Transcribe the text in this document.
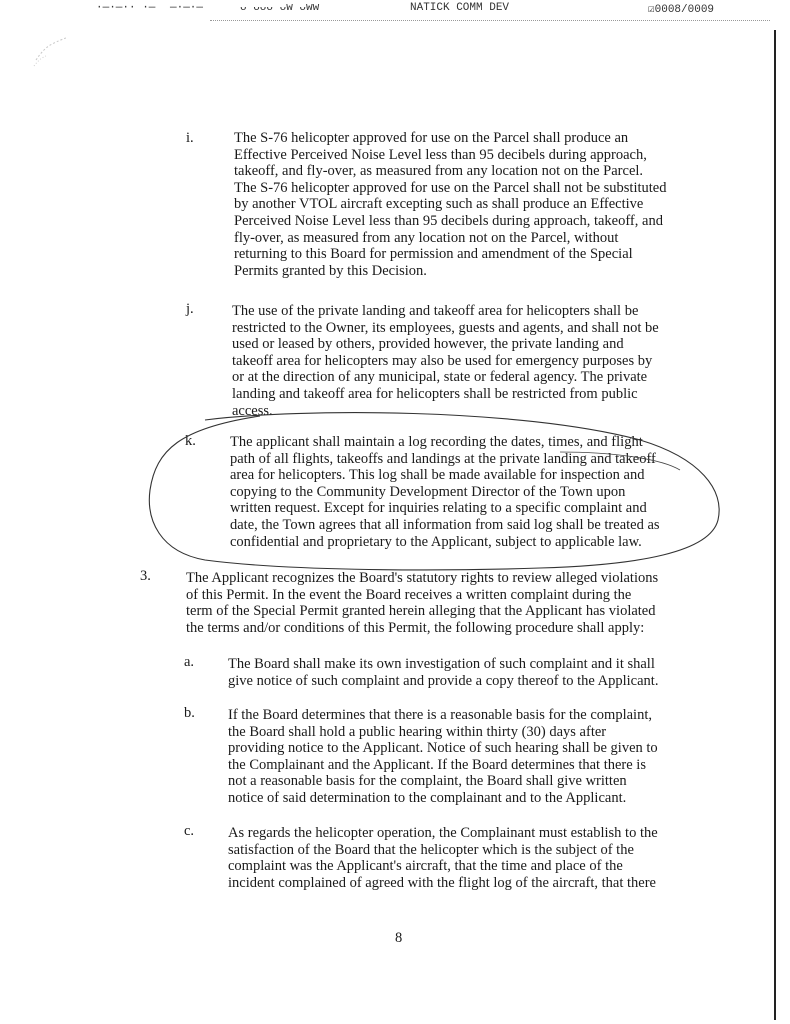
·—·—·· ·— —·—·—	ᴗ ᴗᴗᴗ ᴗᴡ ᴗᴡᴡ	NATICK COMM DEV	☑0008/0009
i.	The S-76 helicopter approved for use on the Parcel shall produce an
Effective Perceived Noise Level less than 95 decibels during approach,
takeoff, and fly-over, as measured from any location not on the Parcel.
The S-76 helicopter approved for use on the Parcel shall not be substituted
by another VTOL aircraft excepting such as shall produce an Effective
Perceived Noise Level less than 95 decibels during approach, takeoff, and
fly-over, as measured from any location not on the Parcel, without
returning to this Board for permission and amendment of the Special
Permits granted by this Decision.
j.	The use of the private landing and takeoff area for helicopters shall be
restricted to the Owner, its employees, guests and agents, and shall not be
used or leased by others, provided however, the private landing and
takeoff area for helicopters may also be used for emergency purposes by
or at the direction of any municipal, state or federal agency. The private
landing and takeoff area for helicopters shall be restricted from public
access.
k. The applicant shall maintain a log recording the dates, times, and flight
path of all flights, takeoffs and landings at the private landing and takeoff
area for helicopters. This log shall be made available for inspection and
copying to the Community Development Director of the Town upon
written request. Except for inquiries relating to a specific complaint and
date, the Town agrees that all information from said log shall be treated as
confidential and proprietary to the Applicant, subject to applicable law.
3. The Applicant recognizes the Board's statutory rights to review alleged violations
of this Permit. In the event the Board receives a written complaint during the
term of the Special Permit granted herein alleging that the Applicant has violated
the terms and/or conditions of this Permit, the following procedure shall apply:
a. The Board shall make its own investigation of such complaint and it shall
give notice of such complaint and provide a copy thereof to the Applicant.
b. If the Board determines that there is a reasonable basis for the complaint,
the Board shall hold a public hearing within thirty (30) days after
providing notice to the Applicant. Notice of such hearing shall be given to
the Complainant and the Applicant. If the Board determines that there is
not a reasonable basis for the complaint, the Board shall give written
notice of said determination to the complainant and to the Applicant.
c. As regards the helicopter operation, the Complainant must establish to the
satisfaction of the Board that the helicopter which is the subject of the
complaint was the Applicant's aircraft, that the time and place of the
incident complained of agreed with the flight log of the aircraft, that there
8
